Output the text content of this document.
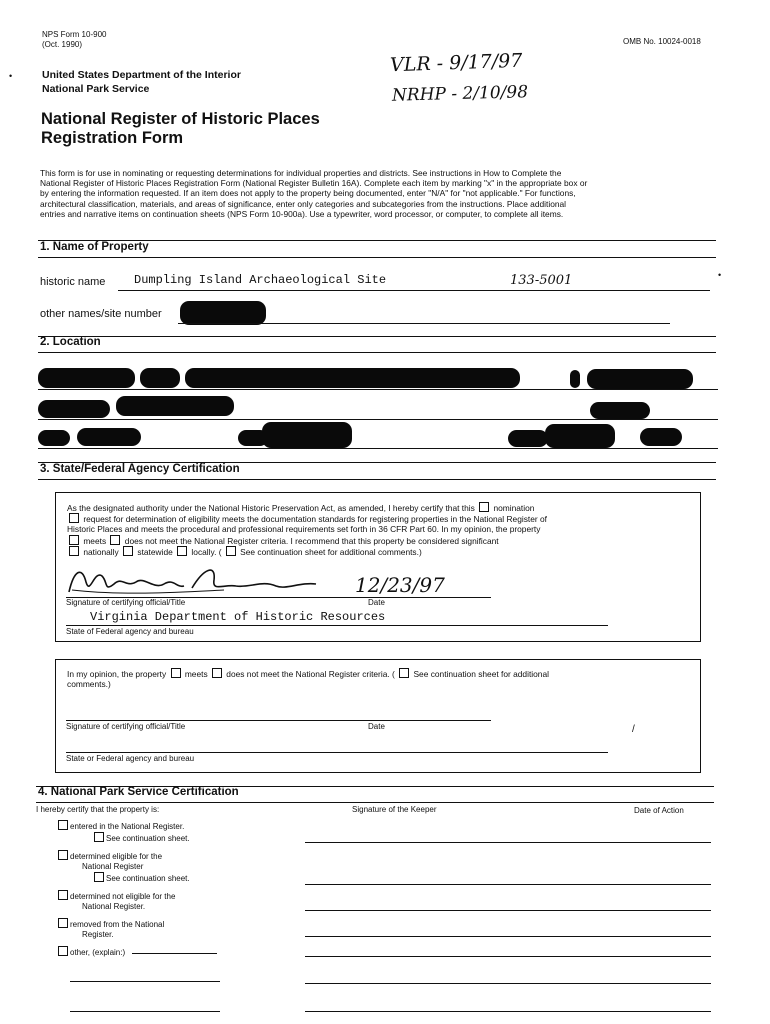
NPS Form 10-900
(Oct. 1990)	OMB No. 10024-0018
•	United States Department of the Interior
National Park Service
VLR - 9/17/97
NRHP - 2/10/98
National Register of Historic Places
Registration Form
This form is for use in nominating or requesting determinations for individual properties and districts. See instructions in How to Complete the
National Register of Historic Places Registration Form (National Register Bulletin 16A). Complete each item by marking "x" in the appropriate box or
by entering the information requested. If an item does not apply to the property being documented, enter "N/A" for "not applicable." For functions,
architectural classification, materials, and areas of significance, enter only categories and subcategories from the instructions. Place additional
entries and narrative items on continuation sheets (NPS Form 10-900a). Use a typewriter, word processor, or computer, to complete all items.
1. Name of Property
•
historic name Dumpling Island Archaeological Site	133-5001
other names/site number
2. Location
3. State/Federal Agency Certification
As the designated authority under the National Historic Preservation Act, as amended, I hereby certify that this nomination
request for determination of eligibility meets the documentation standards for registering properties in the National Register of
Historic Places and meets the procedural and professional requirements set forth in 36 CFR Part 60. In my opinion, the property
meets does not meet the National Register criteria. I recommend that this property be considered significant
nationally statewide locally. ( See continuation sheet for additional comments.)
12/23/97
Signature of certifying official/Title	Date
Virginia Department of Historic Resources
State of Federal agency and bureau
In my opinion, the property meets does not meet the National Register criteria. ( See continuation sheet for additional
comments.)
Signature of certifying official/Title	Date	/
State or Federal agency and bureau
4. National Park Service Certification
I hereby certify that the property is:	Signature of the Keeper	Date of Action
entered in the National Register.
See continuation sheet.
determined eligible for the
National Register
See continuation sheet.
determined not eligible for the
National Register.
removed from the National
Register.
other, (explain:)
